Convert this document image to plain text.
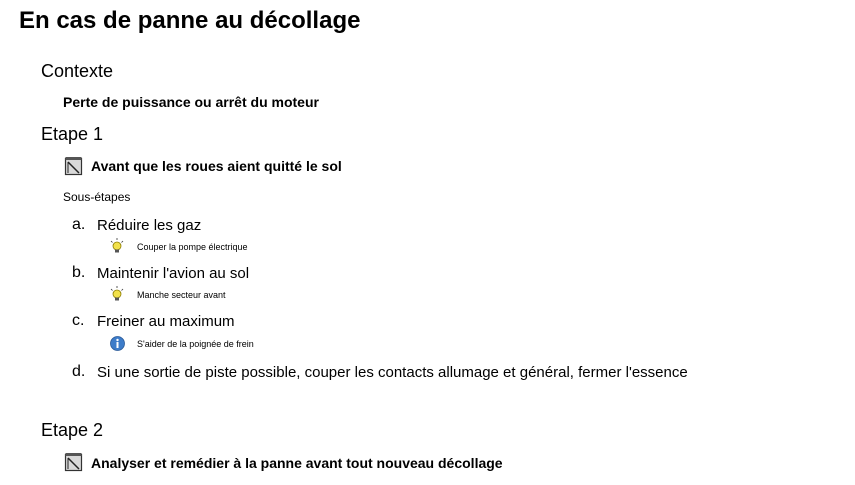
En cas de panne au décollage
Contexte
Perte de puissance ou arrêt du moteur
Etape 1
Avant que les roues aient quitté le sol
Sous-étapes
a. Réduire les gaz
Couper la pompe électrique
b. Maintenir l'avion au sol
Manche secteur avant
c. Freiner au maximum
S'aider de la poignée de frein
d. Si une sortie de piste possible, couper les contacts allumage et général, fermer l'essence
Etape 2
Analyser et remédier à la panne avant tout nouveau décollage
